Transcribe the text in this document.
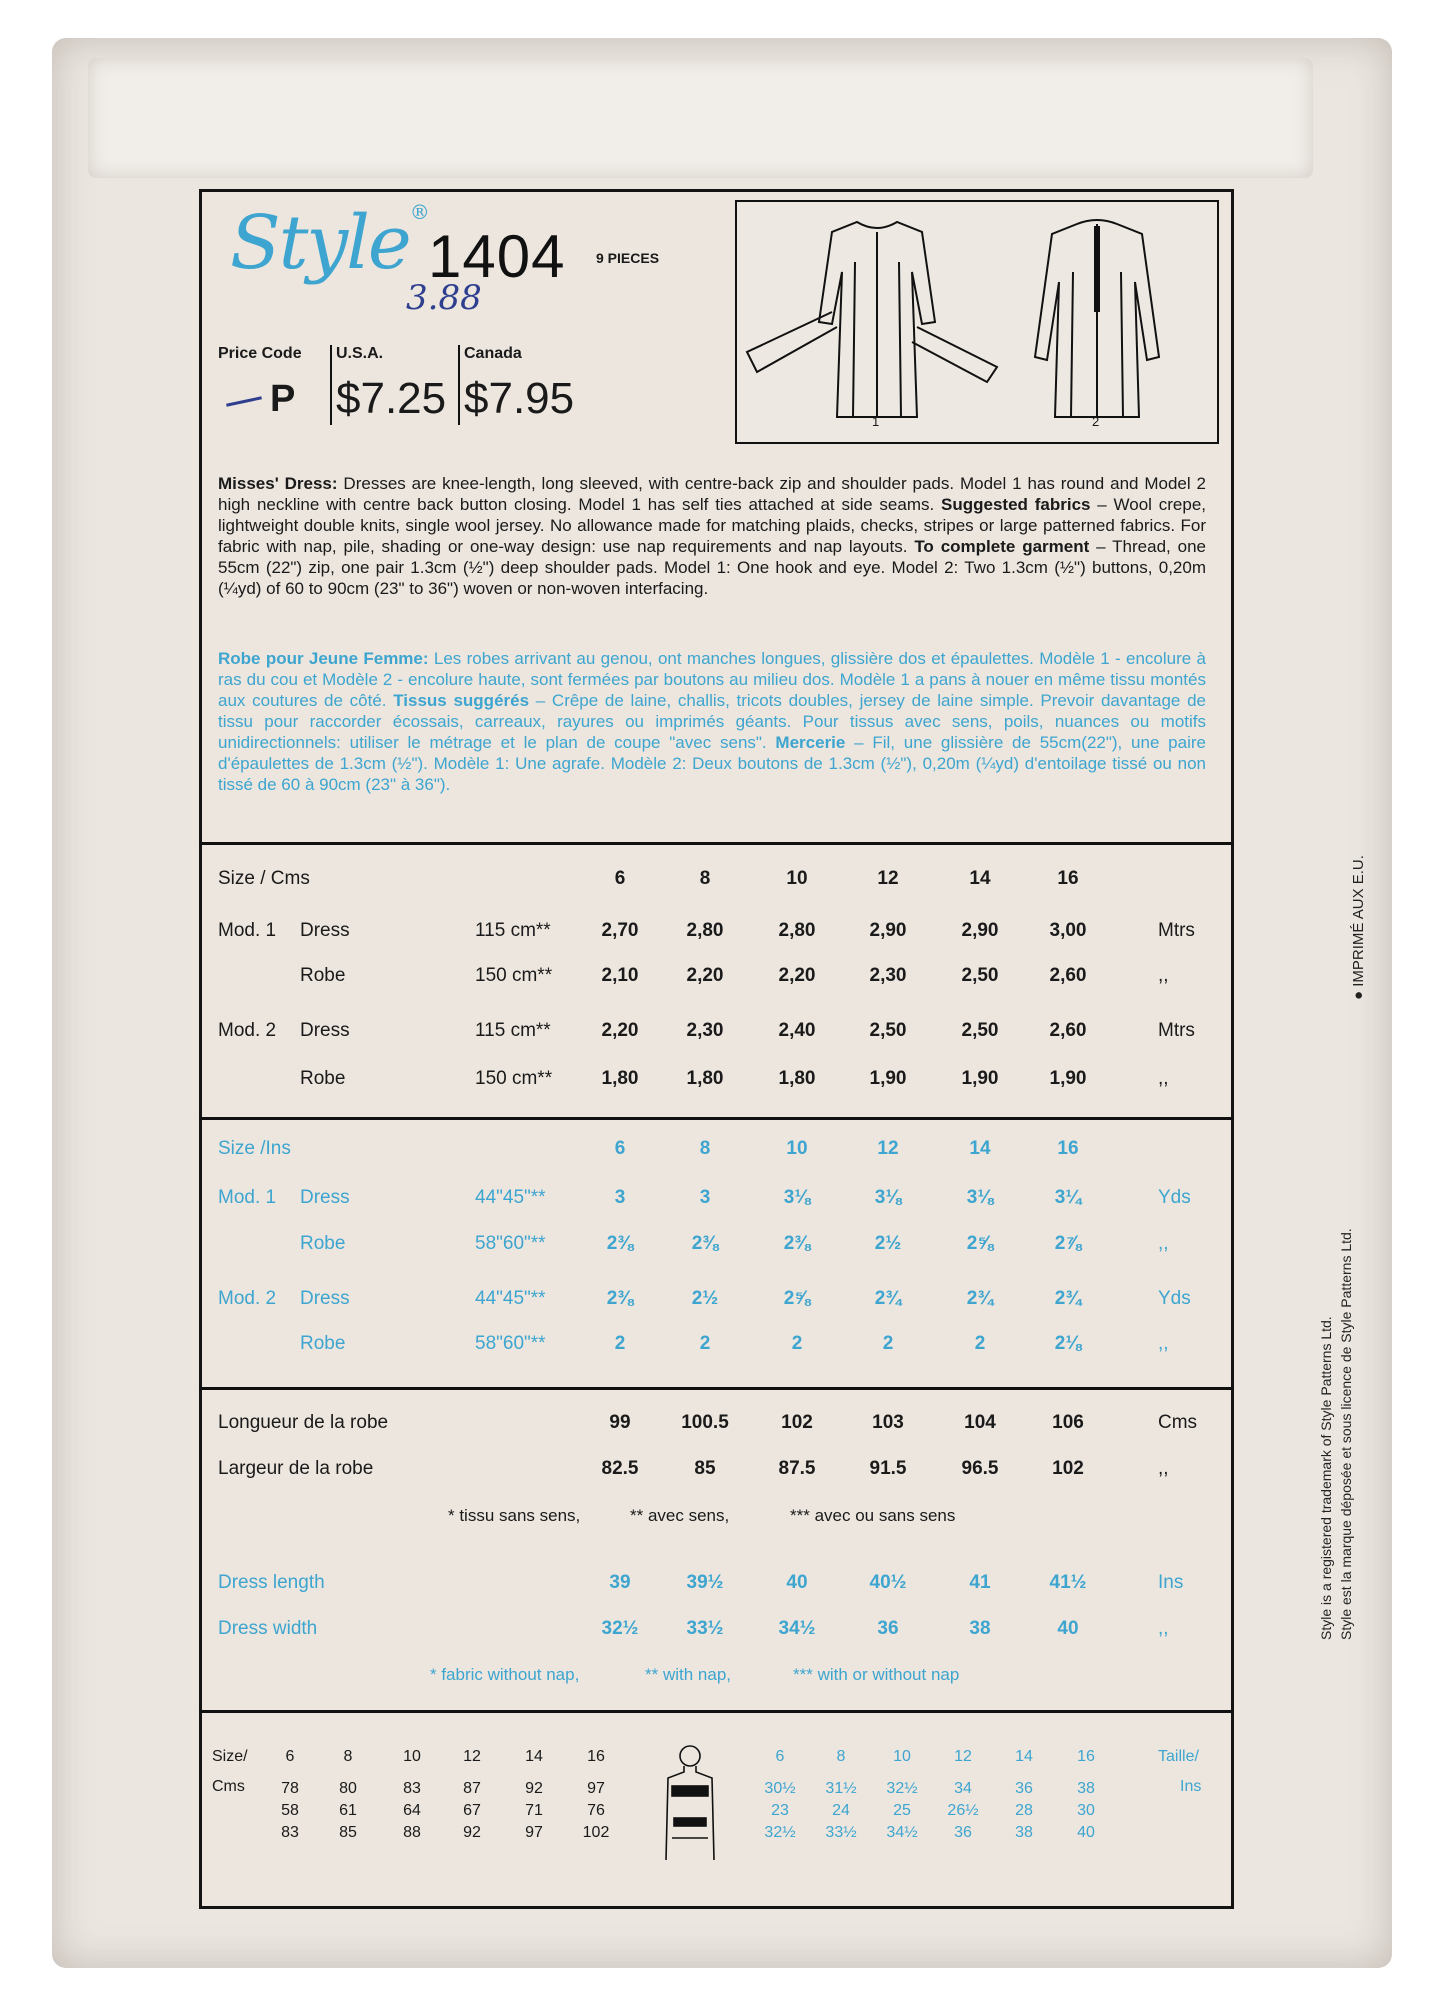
Style®
1404 9 PIECES
3.88
Price Code
P
U.S.A.
$7.25
Canada
$7.95	1	2
Misses' Dress: Dresses are knee-length, long sleeved, with centre-back zip and shoulder pads. Model 1 has round and Model 2 high neckline with centre back button closing. Model 1 has self ties attached at side seams. Suggested fabrics – Wool crepe, lightweight double knits, single wool jersey. No allowance made for matching plaids, checks, stripes or large patterned fabrics. For fabric with nap, pile, shading or one-way design: use nap requirements and nap layouts. To complete garment – Thread, one 55cm (22") zip, one pair 1.3cm (½") deep shoulder pads. Model 1: One hook and eye. Model 2: Two 1.3cm (½") buttons, 0,20m (¼yd) of 60 to 90cm (23" to 36") woven or non-woven interfacing.
Robe pour Jeune Femme: Les robes arrivant au genou, ont manches longues, glissière dos et épaulettes. Modèle 1 - encolure à ras du cou et Modèle 2 - encolure haute, sont fermées par boutons au milieu dos. Modèle 1 a pans à nouer en même tissu montés aux coutures de côté. Tissus suggérés – Crêpe de laine, challis, tricots doubles, jersey de laine simple. Prevoir davantage de tissu pour raccorder écossais, carreaux, rayures ou imprimés géants. Pour tissus avec sens, poils, nuances ou motifs unidirectionnels: utiliser le métrage et le plan de coupe "avec sens". Mercerie – Fil, une glissière de 55cm(22"), une paire d'épaulettes de 1.3cm (½"). Modèle 1: Une agrafe. Modèle 2: Deux boutons de 1.3cm (½"), 0,20m (¼yd) d'entoilage tissé ou non tissé de 60 à 90cm (23" à 36").
Size / Cms	6	8	10	12	14	16
Mod. 1 Dress	115 cm**	2,70	2,80	2,80	2,90	2,90	3,00	Mtrs
Robe	150 cm**	2,10	2,20	2,20	2,30	2,50	2,60	,,
Mod. 2 Dress	115 cm**	2,20	2,30	2,40	2,50	2,50	2,60	Mtrs
Robe	150 cm**	1,80	1,80	1,80	1,90	1,90	1,90	,,
Size /Ins	6	8	10	12	14	16
Mod. 1 Dress	44"45"**	3	3	3⅛	3⅛	3⅛	3¼	Yds
Robe	58"60"**	2⅜	2⅜	2⅜	2½	2⅝	2⅞	,,
Mod. 2 Dress	44"45"**	2⅜	2½	2⅝	2¾	2¾	2¾	Yds
Robe	58"60"**	2	2	2	2	2	2⅛	,,
Longueur de la robe	99	100.5	102	103	104	106	Cms
Largeur de la robe	82.5	85	87.5	91.5	96.5	102	,,
* tissu sans sens,	** avec sens,	*** avec ou sans sens
Dress length	39	39½	40	40½	41	41½	Ins
Dress width	32½	33½	34½	36	38	40	,,
* fabric without nap,	** with nap,	*** with or without nap
Size/
Cms
6	8	10	12	14	16
78	80	83	87	92	97
58	61	64	67	71	76
83	85	88	92	97	102
6	8	10	12	14	16
30½	31½	32½	34	36	38
23	24	25	26½	28	30
32½	33½	34½	36	38	40
Taille/
Ins
● IMPRIMÉ AUX E.U.
Style is a registered trademark of Style Patterns Ltd. Style est la marque déposée et sous licence de Style Patterns Ltd.
